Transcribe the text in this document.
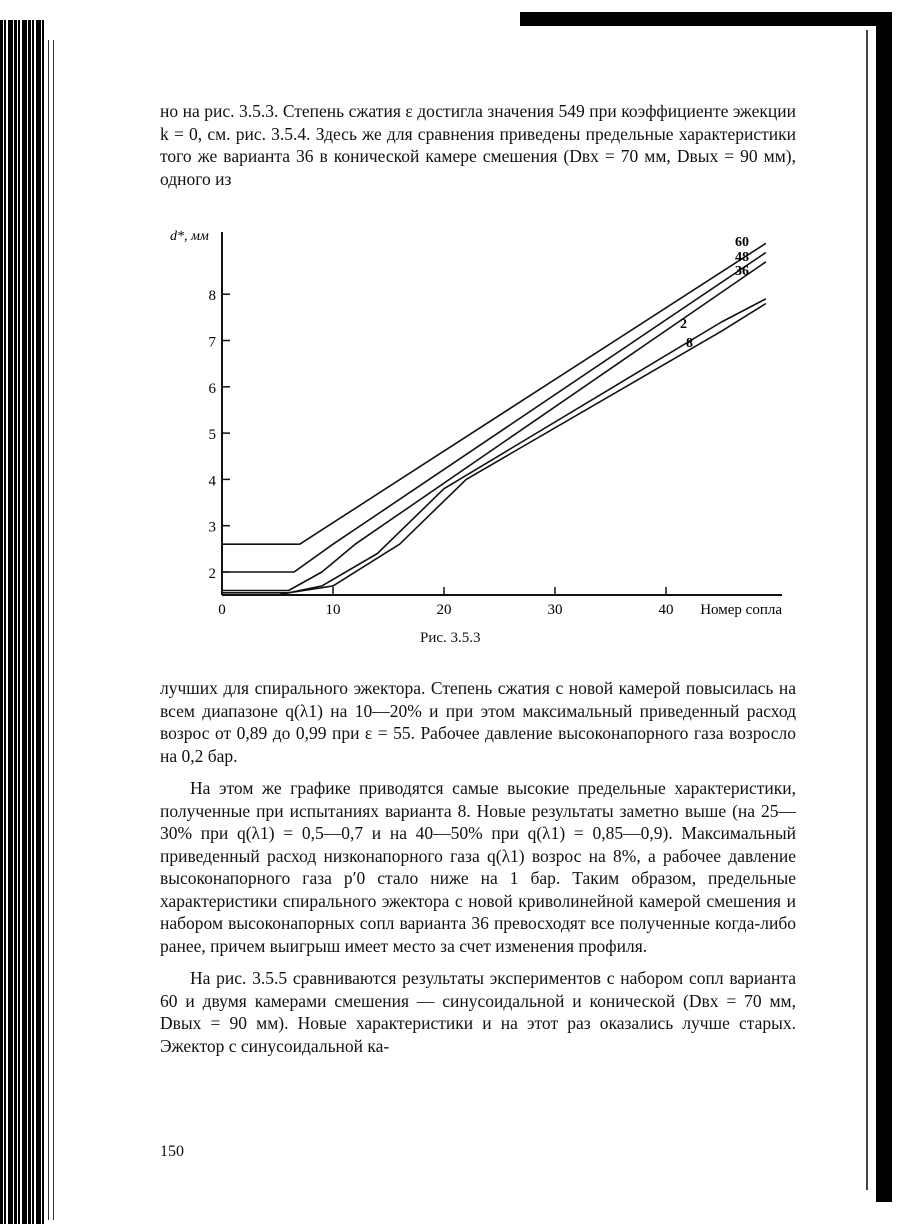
но на рис. 3.5.3. Степень сжатия ε достигла значения 549 при коэффициенте эжекции k = 0, см. рис. 3.5.4. Здесь же для сравнения приведены предельные характеристики того же варианта 36 в конической камере смешения (Dвх = 70 мм, Dвых = 90 мм), одного из

2
3
4
5
6
7
8
0	10	20	30	40
d*, мм
Номер сопла
60
48
36
2
8
Рис. 3.5.3

лучших для спирального эжектора. Степень сжатия с новой камерой повысилась на всем диапазоне q(λ1) на 10—20% и при этом максимальный приведенный расход возрос от 0,89 до 0,99 при ε = 55. Рабочее давление высоконапорного газа возросло на 0,2 бар.

На этом же графике приводятся самые высокие предельные характеристики, полученные при испытаниях варианта 8. Новые результаты заметно выше (на 25—30% при q(λ1) = 0,5—0,7 и на 40—50% при q(λ1) = 0,85—0,9). Максимальный приведенный расход низконапорного газа q(λ1) возрос на 8%, а рабочее давление высоконапорного газа p′0 стало ниже на 1 бар. Таким образом, предельные характеристики спирального эжектора с новой криволинейной камерой смешения и набором высоконапорных сопл варианта 36 превосходят все полученные когда-либо ранее, причем выигрыш имеет место за счет изменения профиля.

На рис. 3.5.5 сравниваются результаты экспериментов с набором сопл варианта 60 и двумя камерами смешения — синусоидальной и конической (Dвх = 70 мм, Dвых = 90 мм). Новые характеристики и на этот раз оказались лучше старых. Эжектор с синусоидальной ка-

150
